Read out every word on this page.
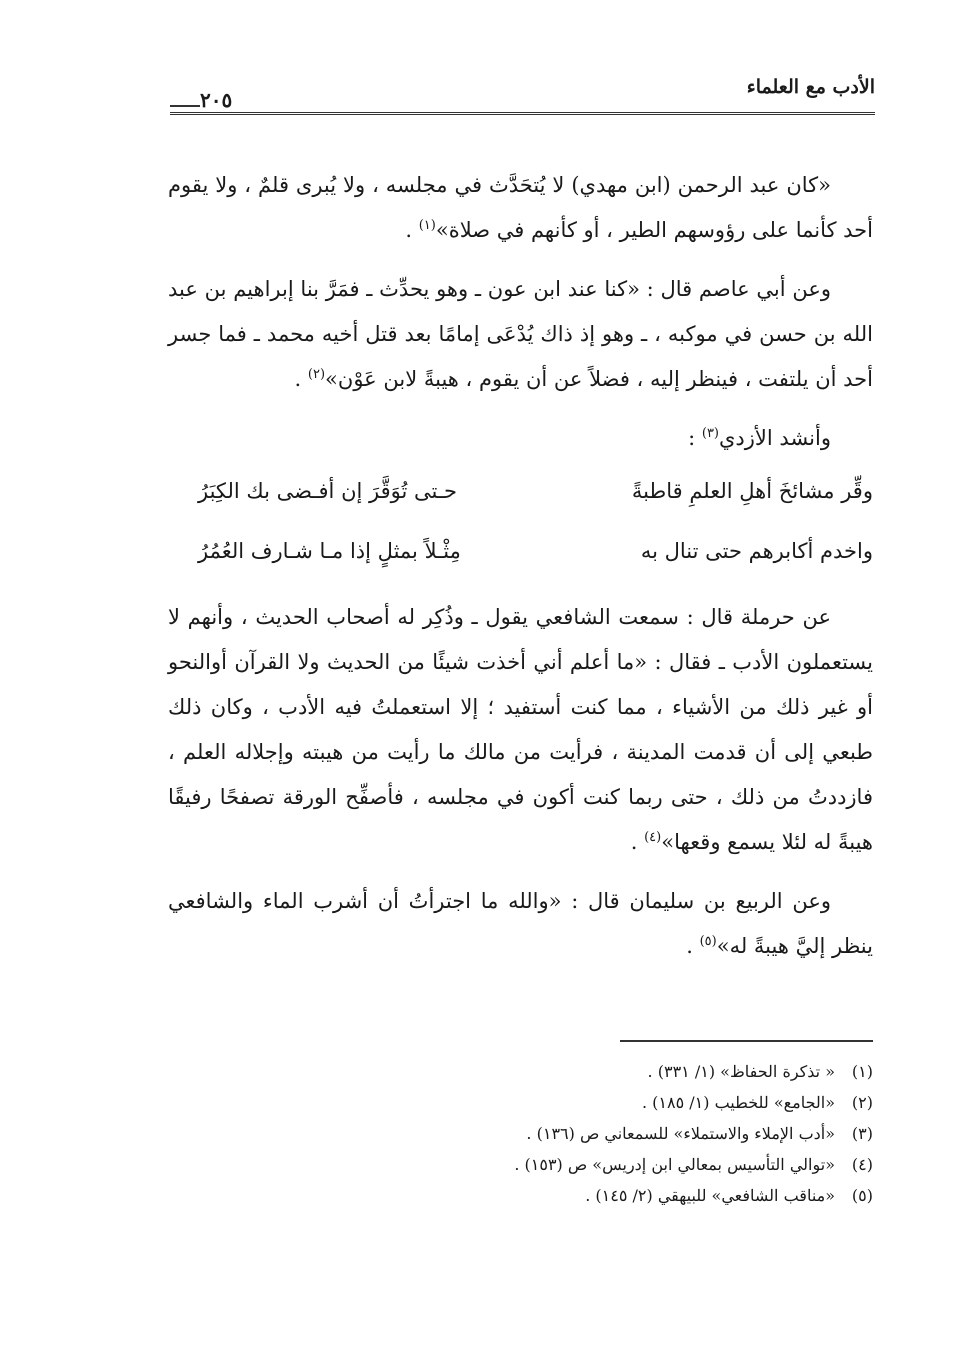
الأدب مع العلماء
٢٠٥

«كان عبد الرحمن (ابن مهدي) لا يُتحَدَّث في مجلسه ، ولا يُبرى قلمٌ ، ولا يقوم أحد كأنما على رؤوسهم الطير ، أو كأنهم في صلاة»$^{(١)}$ .

وعن أبي عاصم قال : «كنا عند ابن عون ـ وهو يحدِّث ـ فمَرَّ بنا إبراهيم بن عبد الله بن حسن في موكبه ، ـ وهو إذ ذاك يُدْعَى إمامًا بعد قتل أخيه محمد ـ فما جسر أحد أن يلتفت ، فينظر إليه ، فضلاً عن أن يقوم ، هيبةً لابن عَوْن»$^{(٢)}$ .

وأنشد الأزدي$^{(٣)}$ :

وقِّر مشائخَ أهلِ العلمِ قاطبةً
حـتى تُوَقَّرَ إن أفـضى بك الكِبَرُ
واخدم أكابرهم حتى تنال به
مِثْـلاً بمثلٍ إذا مـا شـارف العُمُرُ

عن حرملة قال : سمعت الشافعي يقول ـ وذُكِر له أصحاب الحديث ، وأنهم لا يستعملون الأدب ـ فقال : «ما أعلم أني أخذت شيئًا من الحديث ولا القرآن أوالنحو أو غير ذلك من الأشياء ، مما كنت أستفيد ؛ إلا استعملتُ فيه الأدب ، وكان ذلك طبعي إلى أن قدمت المدينة ، فرأيت من مالك ما رأيت من هيبته وإجلاله العلم ، فازددتُ من ذلك ، حتى ربما كنت أكون في مجلسه ، فأصفِّح الورقة تصفحًا رفيقًا هيبةً له لئلا يسمع وقعها»$^{(٤)}$ .

وعن الربيع بن سليمان قال : «والله ما اجترأتُ أن أشرب الماء والشافعي ينظر إليَّ هيبةً له»$^{(٥)}$ .

(١)« تذكرة الحفاظ» (١/ ٣٣١) .

(٢)«الجامع» للخطيب (١/ ١٨٥) .

(٣)«أدب الإملاء والاستملاء» للسمعاني ص (١٣٦) .

(٤)«توالي التأسيس بمعالي ابن إدريس» ص (١٥٣) .

(٥)«مناقب الشافعي» للبيهقي (٢/ ١٤٥) .
